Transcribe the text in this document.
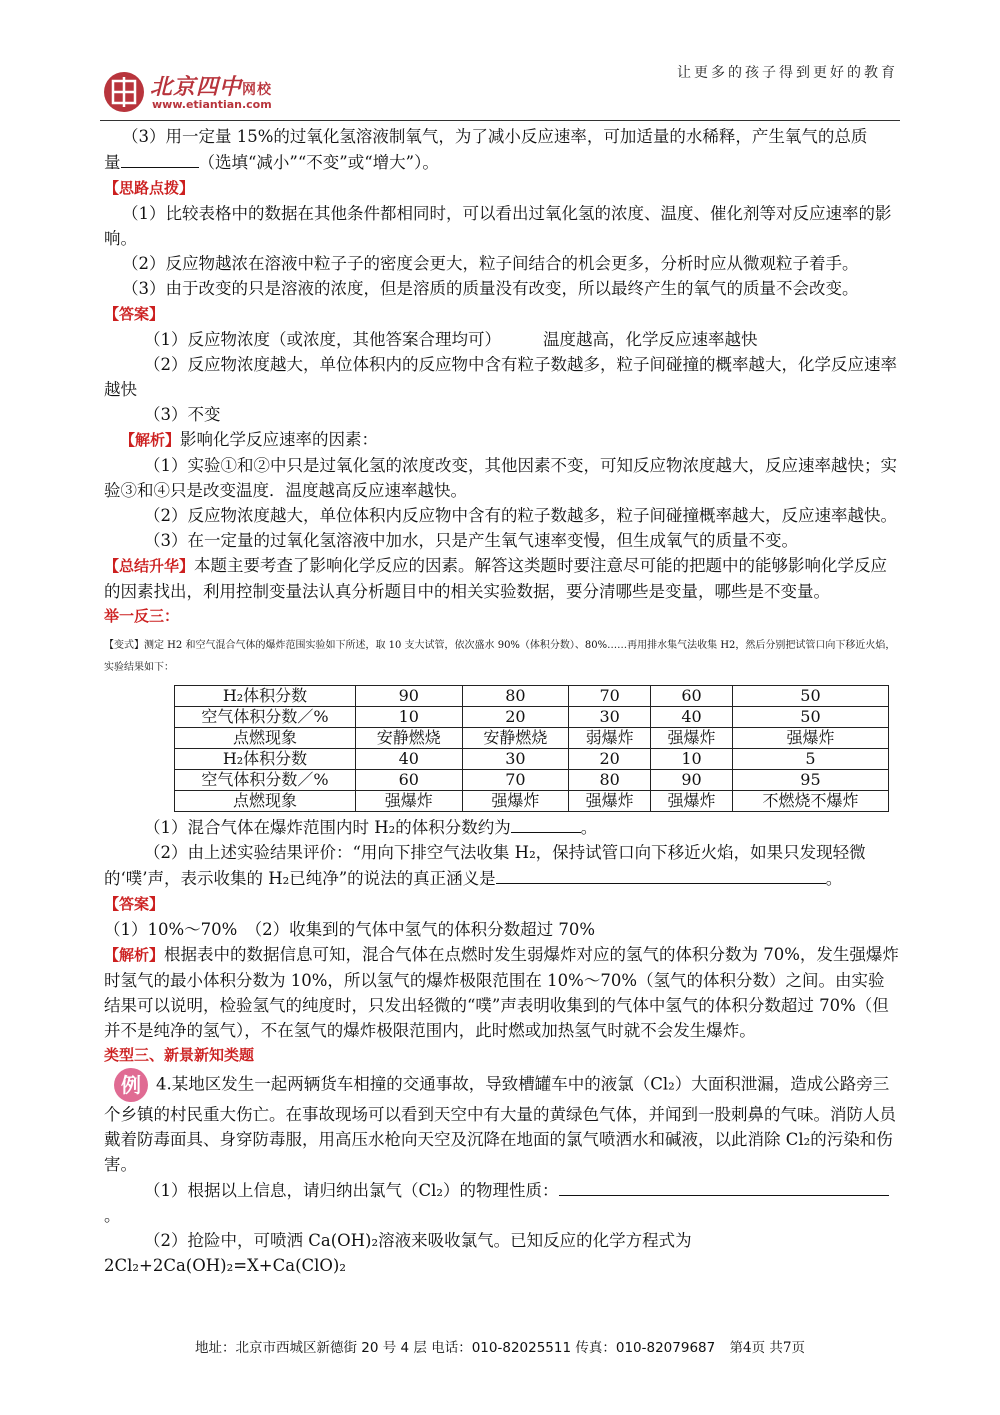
北京四中网校
www.etiantian.com
让更多的孩子得到更好的教育

（3）用一定量 15%的过氧化氢溶液制氧气，为了减小反应速率，可加适量的水稀释，产生氧气的总质

量	（选填“减小”“不变”或“增大”）。

【思路点拨】

（1）比较表格中的数据在其他条件都相同时，可以看出过氧化氢的浓度、温度、催化剂等对反应速率的影响。

（2）反应物越浓在溶液中粒子子的密度会更大，粒子间结合的机会更多，分析时应从微观粒子着手。

（3）由于改变的只是溶液的浓度，但是溶质的质量没有改变，所以最终产生的氧气的质量不会改变。

【答案】

（1）反应物浓度（或浓度，其他答案合理均可）	温度越高，化学反应速率越快

（2）反应物浓度越大，单位体积内的反应物中含有粒子数越多，粒子间碰撞的概率越大，化学反应速率越快

（3）不变

【解析】影响化学反应速率的因素：

（1）实验①和②中只是过氧化氢的浓度改变，其他因素不变，可知反应物浓度越大，反应速率越快；实验③和④只是改变温度．温度越高反应速率越快。

（2）反应物浓度越大，单位体积内反应物中含有的粒子数越多，粒子间碰撞概率越大，反应速率越快。

（3）在一定量的过氧化氢溶液中加水，只是产生氧气速率变慢，但生成氧气的质量不变。

【总结升华】本题主要考查了影响化学反应的因素。解答这类题时要注意尽可能的把题中的能够影响化学反应的因素找出，利用控制变量法认真分析题目中的相关实验数据，要分清哪些是变量，哪些是不变量。

举一反三：

【变式】测定 H2 和空气混合气体的爆炸范围实验如下所述，取 10 支大试管，依次盛水 90%（体积分数）、80%……再用排水集气法收集 H2，然后分别把试管口向下移近火焰，实验结果如下：

H₂体积分数	90	80	70	60	50
空气体积分数／%	10	20	30	40	50
点燃现象	安静燃烧	安静燃烧	弱爆炸	强爆炸	强爆炸
H₂体积分数	40	30	20	10	5
空气体积分数／%	60	70	80	90	95
点燃现象	强爆炸	强爆炸	强爆炸	强爆炸	不燃烧不爆炸

（1）混合气体在爆炸范围内时 H₂的体积分数约为	。

（2）由上述实验结果评价：“用向下排空气法收集 H₂，保持试管口向下移近火焰，如果只发现轻微

的‘噗’声，表示收集的 H₂已纯净”的说法的真正涵义是	。

【答案】

（1）10%～70%　（2）收集到的气体中氢气的体积分数超过 70%

【解析】根据表中的数据信息可知，混合气体在点燃时发生弱爆炸对应的氢气的体积分数为 70%，发生强爆炸时氢气的最小体积分数为 10%，所以氢气的爆炸极限范围在 10%～70%（氢气的体积分数）之间。由实验结果可以说明，检验氢气的纯度时，只发出轻微的“噗”声表明收集到的气体中氢气的体积分数超过 70%（但并不是纯净的氢气），不在氢气的爆炸极限范围内，此时燃或加热氢气时就不会发生爆炸。

类型三、新景新知类题

例 4.某地区发生一起两辆货车相撞的交通事故，导致槽罐车中的液氯（Cl₂）大面积泄漏，造成公路旁三个乡镇的村民重大伤亡。在事故现场可以看到天空中有大量的黄绿色气体，并闻到一股刺鼻的气味。消防人员戴着防毒面具、身穿防毒服，用高压水枪向天空及沉降在地面的氯气喷洒水和碱液，以此消除 Cl₂的污染和伤害。

（1）根据以上信息，请归纳出氯气（Cl₂）的物理性质：。

（2）抢险中，可喷洒 Ca(OH)₂溶液来吸收氯气。已知反应的化学方程式为 2Cl₂+2Ca(OH)₂=X+Ca(ClO)₂

地址：北京市西城区新德街 20 号 4 层 电话：010-82025511 传真：010-82079687 第4页 共7页
